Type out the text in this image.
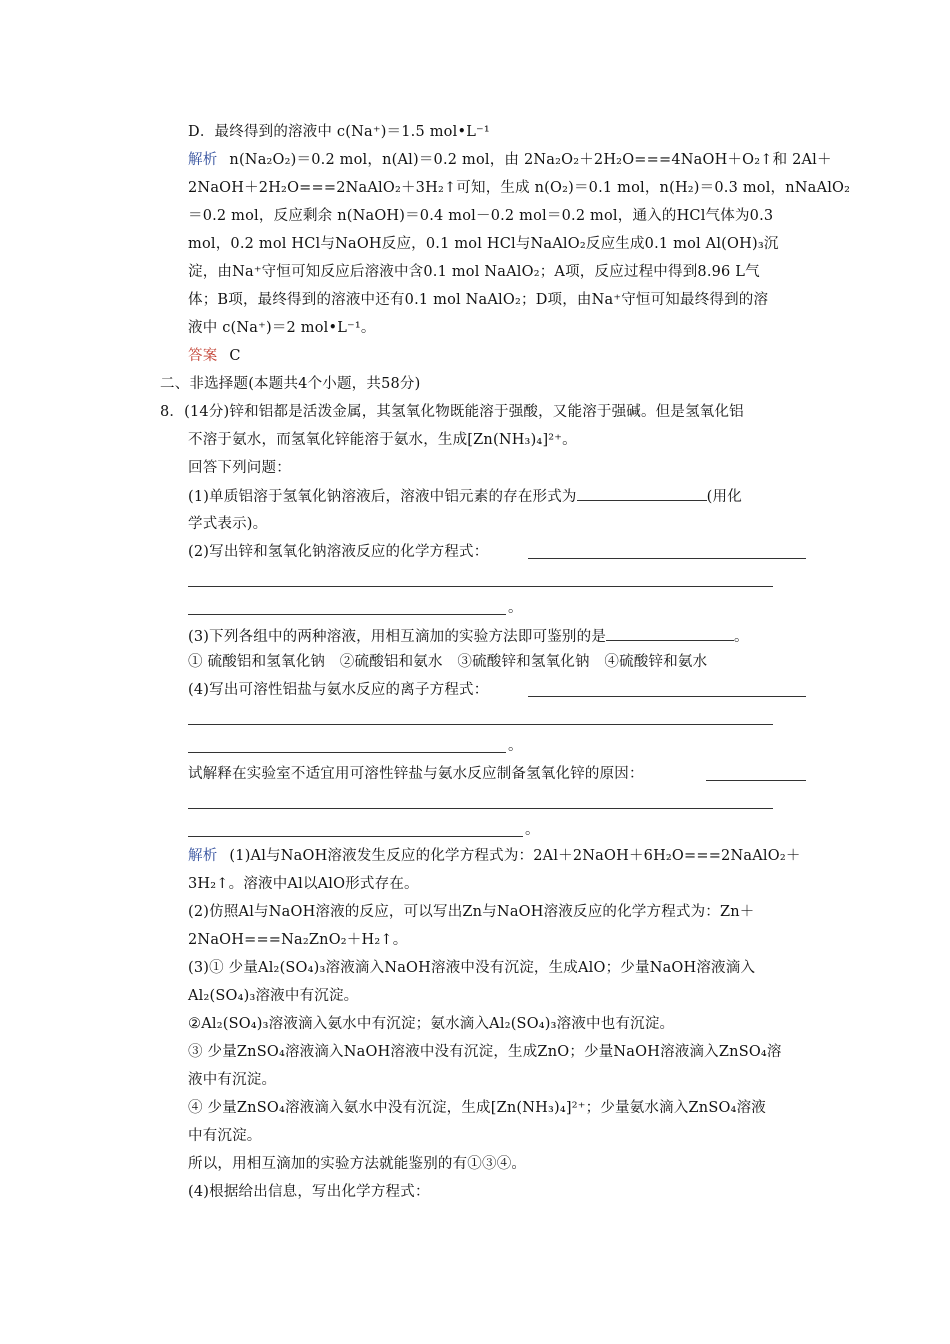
D．最终得到的溶液中 c(Na⁺)＝1.5 mol•L⁻¹
解析 n(Na₂O₂)＝0.2 mol，n(Al)＝0.2 mol，由 2Na₂O₂＋2H₂O===4NaOH＋O₂↑和 2Al＋
2NaOH＋2H₂O===2NaAlO₂＋3H₂↑可知，生成 n(O₂)＝0.1 mol，n(H₂)＝0.3 mol，nNaAlO₂
＝0.2 mol，反应剩余 n(NaOH)＝0.4 mol－0.2 mol＝0.2 mol，通入的HCl气体为0.3
mol，0.2 mol HCl与NaOH反应，0.1 mol HCl与NaAlO₂反应生成0.1 mol Al(OH)₃沉
淀，由Na⁺守恒可知反应后溶液中含0.1 mol NaAlO₂；A项，反应过程中得到8.96 L气
体；B项，最终得到的溶液中还有0.1 mol NaAlO₂；D项，由Na⁺守恒可知最终得到的溶
液中 c(Na⁺)＝2 mol•L⁻¹。
答案 C
二、非选择题(本题共4个小题，共58分)
8．(14分)锌和铝都是活泼金属，其氢氧化物既能溶于强酸，又能溶于强碱。但是氢氧化铝
不溶于氨水，而氢氧化锌能溶于氨水，生成[Zn(NH₃)₄]²⁺。
回答下列问题：
(1)单质铝溶于氢氧化钠溶液后，溶液中铝元素的存在形式为	(用化
学式表示)。
(2)写出锌和氢氧化钠溶液反应的化学方程式：
。
(3)下列各组中的两种溶液，用相互滴加的实验方法即可鉴别的是	。
① 硫酸铝和氢氧化钠　②硫酸铝和氨水　③硫酸锌和氢氧化钠　④硫酸锌和氨水
(4)写出可溶性铝盐与氨水反应的离子方程式：
。
试解释在实验室不适宜用可溶性锌盐与氨水反应制备氢氧化锌的原因：
。
解析 (1)Al与NaOH溶液发生反应的化学方程式为：2Al＋2NaOH＋6H₂O===2NaAlO₂＋
3H₂↑。溶液中Al以AlO形式存在。
(2)仿照Al与NaOH溶液的反应，可以写出Zn与NaOH溶液反应的化学方程式为：Zn＋
2NaOH===Na₂ZnO₂＋H₂↑。
(3)① 少量Al₂(SO₄)₃溶液滴入NaOH溶液中没有沉淀，生成AlO；少量NaOH溶液滴入
Al₂(SO₄)₃溶液中有沉淀。
②Al₂(SO₄)₃溶液滴入氨水中有沉淀；氨水滴入Al₂(SO₄)₃溶液中也有沉淀。
③ 少量ZnSO₄溶液滴入NaOH溶液中没有沉淀，生成ZnO；少量NaOH溶液滴入ZnSO₄溶
液中有沉淀。
④ 少量ZnSO₄溶液滴入氨水中没有沉淀，生成[Zn(NH₃)₄]²⁺；少量氨水滴入ZnSO₄溶液
中有沉淀。
所以，用相互滴加的实验方法就能鉴别的有①③④。
(4)根据给出信息，写出化学方程式：
